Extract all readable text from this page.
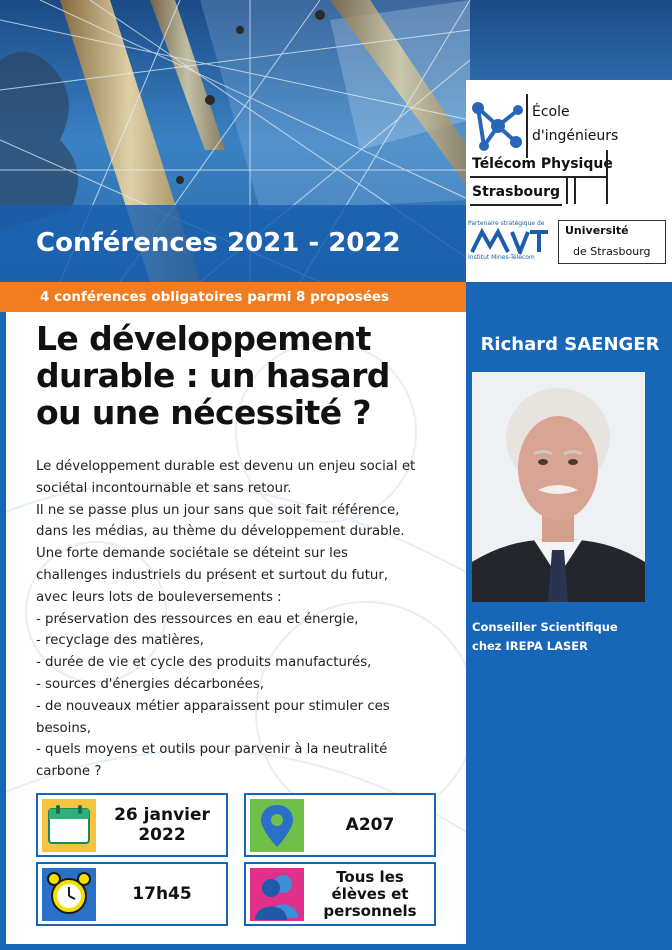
Conférences 2021 - 2022
École
d'ingénieurs
Télécom Physique
Strasbourg
Partenaire stratégique de
Institut Mines-Télécom
Université
de Strasbourg
4 conférences obligatoires parmi 8 proposées
Le développement
durable : un hasard
ou une nécessité ?

Le développement durable est devenu un enjeu social et

sociétal incontournable et sans retour.

Il ne se passe plus un jour sans que soit fait référence,

dans les médias, au thème du développement durable.

Une forte demande sociétale se déteint sur les

challenges industriels du présent et surtout du futur,

avec leurs lots de bouleversements :

- préservation des ressources en eau et énergie,

- recyclage des matières,

- durée de vie et cycle des produits manufacturés,

- sources d'énergies décarbonées,

- de nouveaux métier apparaissent pour stimuler ces

besoins,

- quels moyens et outils pour parvenir à la neutralité

carbone ?

26 janvier
2022	A207
17h45
Tous les
élèves et
personnels
Richard SAENGER
Conseiller Scientifique
chez IREPA LASER
